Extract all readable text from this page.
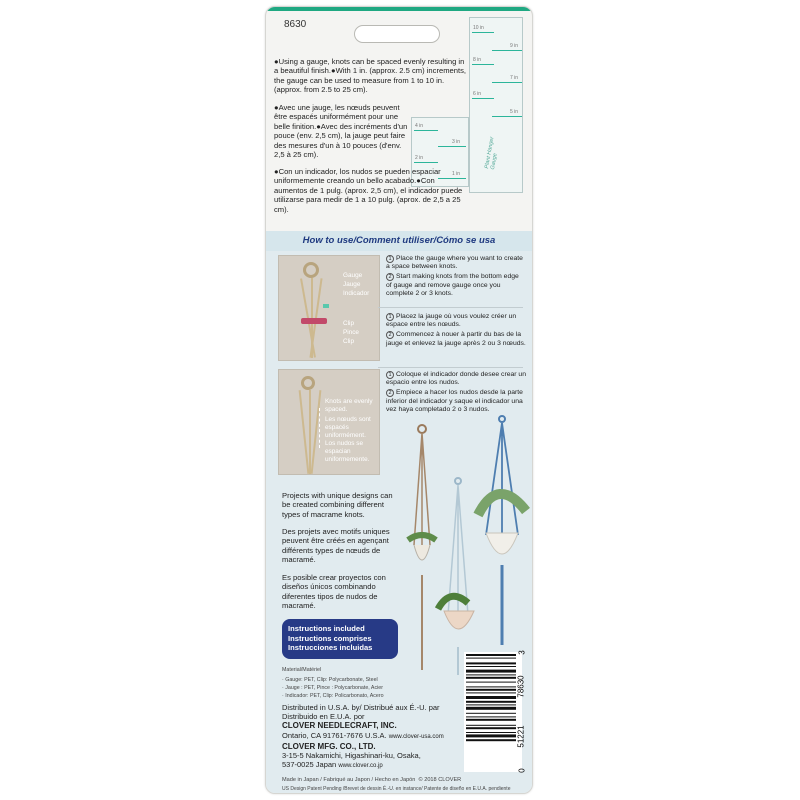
8630	10 in
9 in
8 in
7 in
6 in
5 in
Plant Hanger Gauge
4 in
3 in
2 in
1 in

●Using a gauge, knots can be spaced evenly resulting in a beautiful finish.●With 1 in. (approx. 2.5 cm) increments, the gauge can be used to measure from 1 to 10 in. (approx. from 2.5 to 25 cm).

●Avec une jauge, les nœuds peuvent être espacés uniformément pour une belle finition.●Avec des incréments d'un pouce (env. 2,5 cm), la jauge peut faire des mesures d'un à 10 pouces (d'env. 2,5 à 25 cm).

●Con un indicador, los nudos se pueden espaciar uniformemente creando un bello acabado.●Con aumentos de 1 pulg. (aprox. 2,5 cm), el indicador puede utilizarse para medir de 1 a 10 pulg. (aprox. de 2,5 a 25 cm).

How to use/Comment utiliser/Cómo se usa
Gauge
Jauge
Indicador
Clip
Pince
Clip
Knots are evenly spaced.
Les nœuds sont espacés uniformément.
Los nudos se espacian uniformemente.

1 Place the gauge where you want to create a space between knots.

2 Start making knots from the bottom edge of gauge and remove gauge once you complete 2 or 3 knots.

1 Placez la jauge où vous voulez créer un espace entre les nœuds.

2 Commencez à nouer à partir du bas de la jauge et enlevez la jauge après 2 ou 3 nœuds.

1 Coloque el indicador donde desee crear un espacio entre los nudos.

2 Empiece a hacer los nudos desde la parte inferior del indicador y saque el indicador una vez haya completado 2 o 3 nudos.

Projects with unique designs can be created combining different types of macrame knots.

Des projets avec motifs uniques peuvent être créés en agençant différents types de nœuds de macramé.

Es posible crear proyectos con diseños únicos combinando diferentes tipos de nudos de macramé.

Instructions included
Instructions comprises
Instrucciones incluidas
Material/Matériel
· Gauge: PET, Clip: Polycarbonate, Steel
· Jauge : PET, Pince : Polycarbonate, Acier
· Indicador: PET, Clip: Policarbonato, Acero
Distributed in U.S.A. by/ Distribué aux É.-U. par
Distribuido en E.U.A. por
CLOVER NEEDLECRAFT, INC.
Ontario, CA 91761-7676 U.S.A. www.clover-usa.com
CLOVER MFG. CO., LTD.
3-15-5 Nakamichi, Higashinari-ku, Osaka,
537-0025 Japan www.clover.co.jp
Made in Japan / Fabriqué au Japon / Hecho en Japón © 2018 CLOVER
US Design Patent Pending /Brevet de dessin É.-U. en instance/ Patente de diseño en E.U.A. pendiente
3
78630
51221
0
